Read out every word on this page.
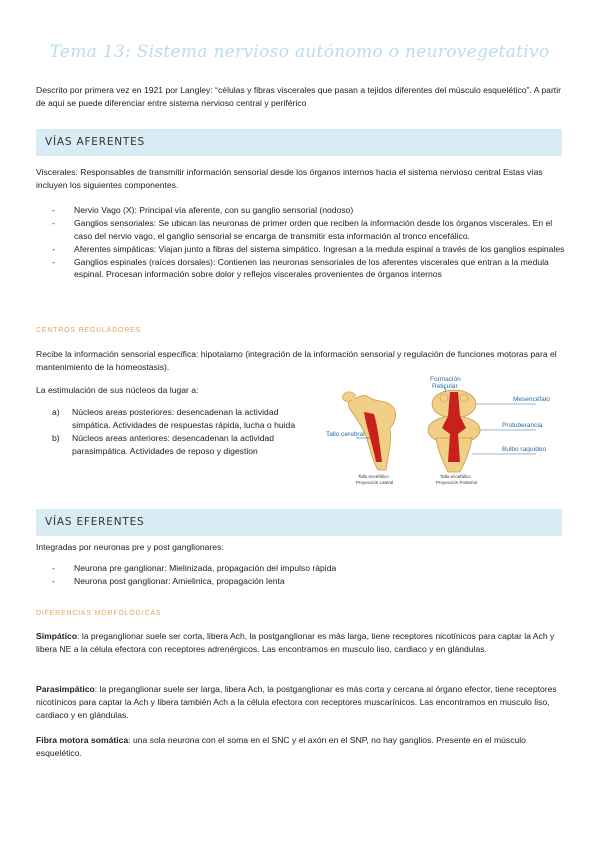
Tema 13: Sistema nervioso autónomo o neurovegetativo
Descrito por primera vez en 1921 por Langley: “células y fibras viscerales que pasan a tejidos diferentes del músculo esquelético”. A partir de aquí se puede diferenciar entre sistema nervioso central y periférico
VÍAS AFERENTES
Viscerales: Responsables de transmitir información sensorial desde los órganos internos hacia el sistema nervioso central Estas vías incluyen los siguientes componentes.
- Nervio Vago (X): Principal vía aferente, con su ganglio sensorial (nodoso)
- Ganglios sensoriales: Se ubican las neuronas de primer orden que reciben la información desde los órganos viscerales. En el caso del nervio vago, el ganglio sensorial se encarga de transmitir esta información al tronco encefálico.
- Aferentes simpáticas: Viajan junto a fibras del sistema simpático. Ingresan a la medula espinal a través de los ganglios espinales
- Ganglios espinales (raíces dorsales): Contienen las neuronas sensoriales de los aferentes viscerales que entran a la medula espinal. Procesan información sobre dolor y reflejos viscerales provenientes de órganos internos
CENTROS REGULADORES
Recibe la información sensorial especifica: hipotalamo (integración de la información sensorial y regulación de funciones motoras para el mantenimiento de la homeostasis).
La estimulación de sus núcleos da lugar a:
a) Núcleos areas posteriores: desencadenan la actividad simpática. Actividades de respuestas rápida, lucha o huida
b) Núcleos areas anteriores: desencadenan la actividad parasimpática. Actividades de reposo y digestion
Formación
Reticular
Mesencéfalo
Protuberancia
Bulbo raquídeo
Tallo cerebral
Tallo encefálico
Proyección Lateral
Tallo encefálico
Proyección Posterior
VÍAS EFERENTES
Integradas por neuronas pre y post ganglionares:
- Neurona pre ganglionar: Mielinizada, propagación del impulso rápida
- Neurona post ganglionar: Amielinica, propagación lenta
DIFERENCIAS MORFOLÓGICAS
Simpático: la preganglionar suele ser corta, libera Ach, la postganglionar es más larga, tiene receptores nicotínicos para captar la Ach y libera NE a la célula efectora con receptores adrenérgicos. Las encontramos en musculo liso, cardiaco y en glándulas.
Parasimpático: la preganglionar suele ser larga, libera Ach, la postganglionar es más corta y cercana al órgano efector, tiene receptores nicotínicos para captar la Ach y libera también Ach a la célula efectora con receptores muscarínicos. Las encontramos en musculo liso, cardiaco y en glándulas.
Fibra motora somática: una sola neurona con el soma en el SNC y el axón en el SNP, no hay ganglios. Presente en el músculo esquelético.
